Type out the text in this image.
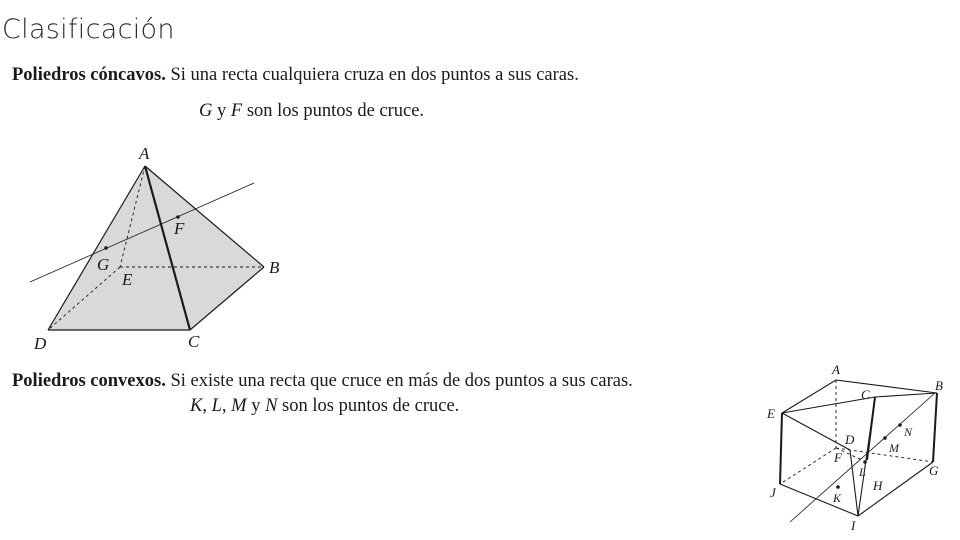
Clasificación
Poliedros cóncavos. Si una recta cualquiera cruza en dos puntos a sus caras.
G y F son los puntos de cruce.
A
B
C
D
E
F
G
Poliedros convexos. Si existe una recta que cruce en más de dos puntos a sus caras.
K, L, M y N son los puntos de cruce.
A
B
C
D
E
F
G
H
I
J	K
L
M
N
